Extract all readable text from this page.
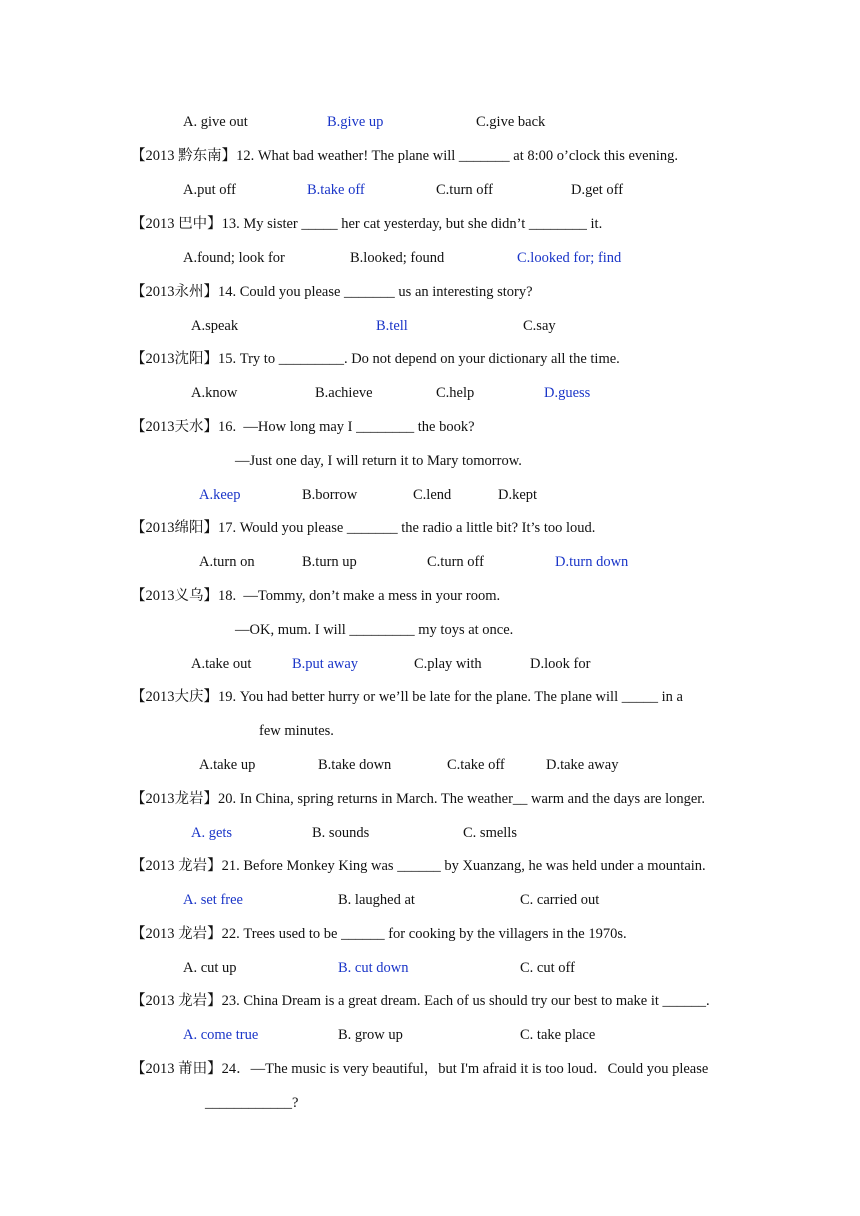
A. give out	B.give up	C.give back
【2013 黔东南】12. What bad weather! The plane will _______ at 8:00 o’clock this evening.
A.put off	B.take off	C.turn off	D.get off
【2013 巴中】13. My sister _____ her cat yesterday, but she didn’t ________ it.
A.found; look for	B.looked; found	C.looked for; find
【2013永州】14. Could you please _______ us an interesting story?
A.speak	B.tell	C.say
【2013沈阳】15. Try to _________. Do not depend on your dictionary all the time.
A.know	B.achieve	C.help	D.guess
【2013天水】16.  —How long may I ________ the book?
—Just one day, I will return it to Mary tomorrow.
A.keep	B.borrow	C.lend	D.kept
【2013绵阳】17. Would you please _______ the radio a little bit? It’s too loud.
A.turn on	B.turn up	C.turn off	D.turn down
【2013义乌】18.  —Tommy, don’t make a mess in your room.
—OK, mum. I will _________ my toys at once.
A.take out	B.put away	C.play with	D.look for
【2013大庆】19. You had better hurry or we’ll be late for the plane. The plane will _____ in a
few minutes.
A.take up	B.take down	C.take off	D.take away
【2013龙岩】20. In China, spring returns in March. The weather__ warm and the days are longer.
A. gets	B. sounds	C. smells
【2013 龙岩】21. Before Monkey King was ______ by Xuanzang, he was held under a mountain.
A. set free	B. laughed at	C. carried out
【2013 龙岩】22. Trees used to be ______ for cooking by the villagers in the 1970s.
A. cut up	B. cut down	C. cut off
【2013 龙岩】23. China Dream is a great dream. Each of us should try our best to make it ______.
A. come true	B. grow up	C. take place
【2013 莆田】24．—The music is very beautiful，but I'm afraid it is too loud．Could you please
____________?
